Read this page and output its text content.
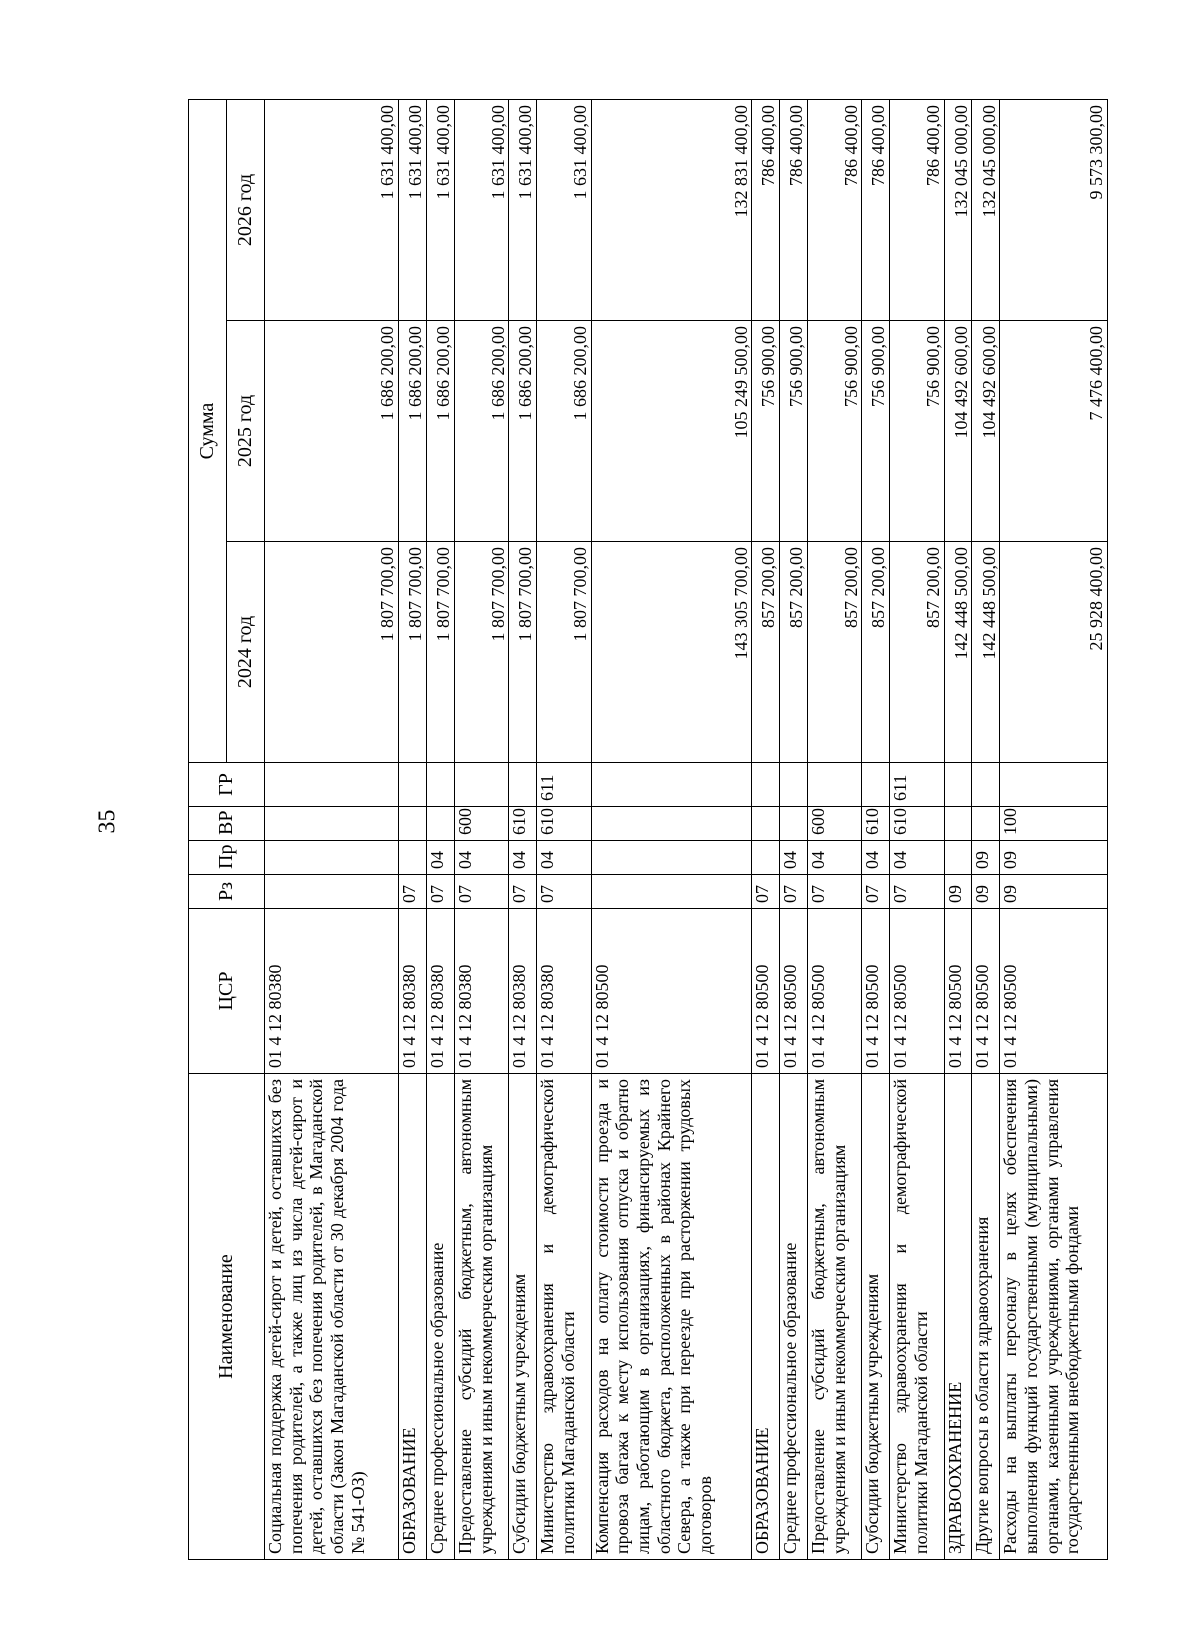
35
Наименование	ЦСР	Рз	Пр	ВР	ГР	Сумма		
						2024 год	2025 год	2026 год
Социальная поддержка детей-сирот и детей, оставшихся без попечения родителей, а также лиц из числа детей-сирот и детей, оставшихся без попечения родителей, в Магаданской области (Закон Магаданской области от 30 декабря 2004 года № 541-ОЗ)	01 4 12 80380					1 807 700,00	1 686 200,00	1 631 400,00
ОБРАЗОВАНИЕ	01 4 12 80380	07				1 807 700,00	1 686 200,00	1 631 400,00
Среднее профессиональное образование	01 4 12 80380	07	04			1 807 700,00	1 686 200,00	1 631 400,00
Предоставление субсидий бюджетным, автономным учреждениям и иным некоммерческим организациям	01 4 12 80380	07	04	600		1 807 700,00	1 686 200,00	1 631 400,00
Субсидии бюджетным учреждениям	01 4 12 80380	07	04	610		1 807 700,00	1 686 200,00	1 631 400,00
Министерство здравоохранения и демографической политики Магаданской области	01 4 12 80380	07	04	610	611	1 807 700,00	1 686 200,00	1 631 400,00
Компенсация расходов на оплату стоимости проезда и провоза багажа к месту использования отпуска и обратно лицам, работающим в организациях, финансируемых из областного бюджета, расположенных в районах Крайнего Севера, а также при переезде при расторжении трудовых договоров	01 4 12 80500					143 305 700,00	105 249 500,00	132 831 400,00
ОБРАЗОВАНИЕ	01 4 12 80500	07				857 200,00	756 900,00	786 400,00
Среднее профессиональное образование	01 4 12 80500	07	04			857 200,00	756 900,00	786 400,00
Предоставление субсидий бюджетным, автономным учреждениям и иным некоммерческим организациям	01 4 12 80500	07	04	600		857 200,00	756 900,00	786 400,00
Субсидии бюджетным учреждениям	01 4 12 80500	07	04	610		857 200,00	756 900,00	786 400,00
Министерство здравоохранения и демографической политики Магаданской области	01 4 12 80500	07	04	610	611	857 200,00	756 900,00	786 400,00
ЗДРАВООХРАНЕНИЕ	01 4 12 80500	09				142 448 500,00	104 492 600,00	132 045 000,00
Другие вопросы в области здравоохранения	01 4 12 80500	09	09			142 448 500,00	104 492 600,00	132 045 000,00
Расходы на выплаты персоналу в целях обеспечения выполнения функций государственными (муниципальными) органами, казенными учреждениями, органами управления государственными внебюджетными фондами	01 4 12 80500	09	09	100		25 928 400,00	7 476 400,00	9 573 300,00
